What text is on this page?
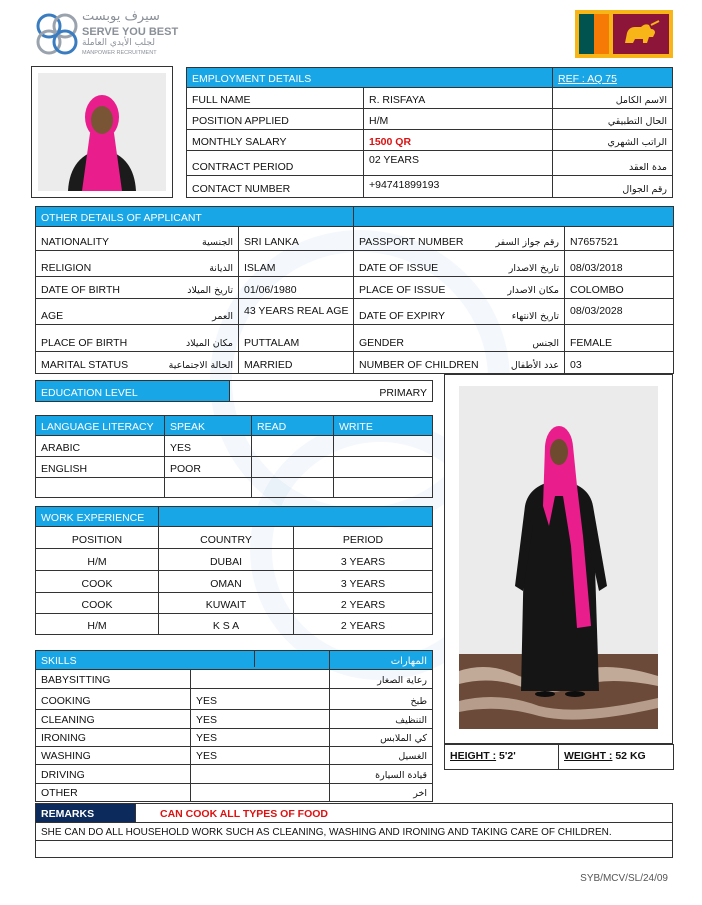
سيرف يوبست
SERVE YOU BEST
لجلب الأيدي العاملة
MANPOWER RECRUITMENT
EMPLOYMENT DETAILS		REF : AQ 75
FULL NAME	R. RISFAYA	الاسم الكامل
POSITION APPLIED	H/M	الحال التطبيقي
MONTHLY SALARY	1500 QR	الراتب الشهري
CONTRACT PERIOD	02 YEARS	مدة العقد
CONTACT NUMBER	+94741899193	رقم الجوال
OTHER DETAILS OF APPLICANT			

NATIONALITY الجنسية	SRI LANKA	PASSPORT NUMBER رقم جواز السفر	N7657521

RELIGION الديانة	ISLAM	DATE OF ISSUE تاريخ الاصدار	08/03/2018

DATE OF BIRTH تاريخ الميلاد	01/06/1980	PLACE OF ISSUE مكان الاصدار	COLOMBO

AGE العمر	43 YEARS REAL AGE	DATE OF EXPIRY تاريخ الانتهاء	08/03/2028

PLACE OF BIRTH مكان الميلاد	PUTTALAM	GENDER الجنس	FEMALE

MARITAL STATUS الحالة الاجتماعية	MARRIED	NUMBER OF CHILDREN عدد الأطفال	03
EDUCATION LEVEL	PRIMARY
LANGUAGE LITERACY	SPEAK	READ	WRITE
ARABIC	YES		
ENGLISH	POOR		

WORK EXPERIENCE		
POSITION	COUNTRY	PERIOD
H/M	DUBAI	3 YEARS
COOK	OMAN	3 YEARS
COOK	KUWAIT	2 YEARS
H/M	K S A	2 YEARS
SKILLS		المهارات
BABYSITTING		رعاية الصغار
COOKING	YES	طبخ
CLEANING	YES	التنظيف
IRONING	YES	كي الملابس
WASHING	YES	الغسيل
DRIVING		قيادة السيارة
OTHER		اخر
HEIGHT : 5'2'	WEIGHT : 52 KG
REMARKS	CAN COOK ALL TYPES OF FOOD
SHE CAN DO ALL HOUSEHOLD WORK SUCH AS CLEANING, WASHING AND IRONING AND TAKING CARE OF CHILDREN.

SYB/MCV/SL/24/09
